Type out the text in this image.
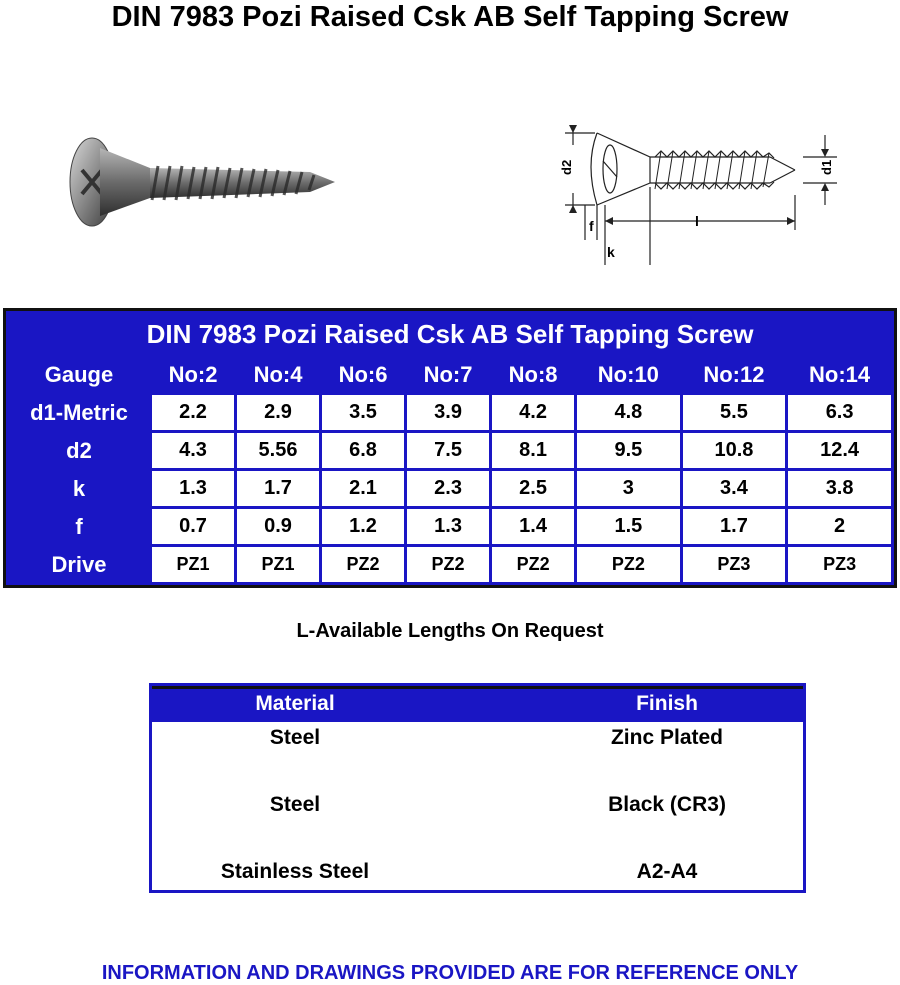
DIN 7983 Pozi Raised Csk AB Self Tapping Screw
d2	d1
f
k
l
DIN 7983 Pozi Raised Csk AB Self Tapping Screw								
Gauge	No:2	No:4	No:6	No:7	No:8	No:10	No:12	No:14
d1-Metric	2.2	2.9	3.5	3.9	4.2	4.8	5.5	6.3
d2	4.3	5.56	6.8	7.5	8.1	9.5	10.8	12.4
k	1.3	1.7	2.1	2.3	2.5	3	3.4	3.8
f	0.7	0.9	1.2	1.3	1.4	1.5	1.7	2
Drive	PZ1	PZ1	PZ2	PZ2	PZ2	PZ2	PZ3	PZ3
L-Available Lengths On Request
Material	Finish
Steel	Zinc Plated
Steel	Black (CR3)
Stainless Steel	A2-A4
INFORMATION AND DRAWINGS PROVIDED ARE FOR REFERENCE ONLY
